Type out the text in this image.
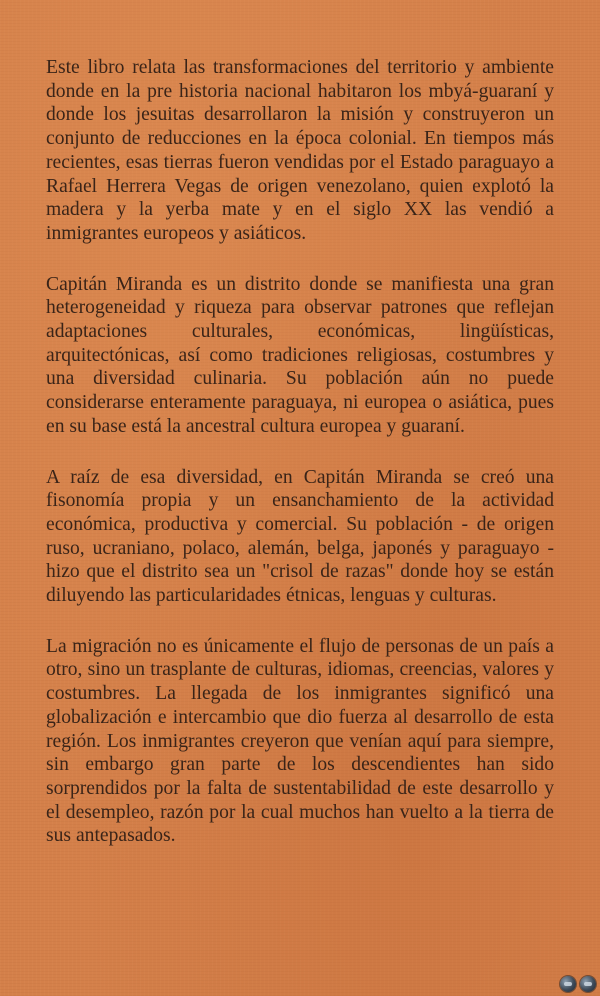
Este libro relata las transformaciones del territorio y ambiente donde en la pre historia nacional habitaron los mbyá-guaraní y donde los jesuitas desarrollaron la misión y construyeron un conjunto de reducciones en la época colonial. En tiempos más recientes, esas tierras fueron vendidas por el Estado paraguayo a Rafael Herrera Vegas de origen venezolano, quien explotó la madera y la yerba mate y en el siglo XX las vendió a inmigrantes europeos y asiáticos.

Capitán Miranda es un distrito donde se manifiesta una gran heterogeneidad y riqueza para observar patrones que reflejan adaptaciones culturales, económicas, lingüísticas, arquitectónicas, así como tradiciones religiosas, costumbres y una diversidad culinaria. Su población aún no puede considerarse enteramente paraguaya, ni europea o asiática, pues en su base está la ancestral cultura europea y guaraní.

A raíz de esa diversidad, en Capitán Miranda se creó una fisonomía propia y un ensanchamiento de la actividad económica, productiva y comercial. Su población - de origen ruso, ucraniano, polaco, alemán, belga, japonés y paraguayo - hizo que el distrito sea un "crisol de razas" donde hoy se están diluyendo las particularidades étnicas, lenguas y culturas.

La migración no es únicamente el flujo de personas de un país a otro, sino un trasplante de culturas, idiomas, creencias, valores y costumbres. La llegada de los inmigrantes significó una globalización e intercambio que dio fuerza al desarrollo de esta región. Los inmigrantes creyeron que venían aquí para siempre, sin embargo gran parte de los descendientes han sido sorprendidos por la falta de sustentabilidad de este desarrollo y el desempleo, razón por la cual muchos han vuelto a la tierra de sus antepasados.
